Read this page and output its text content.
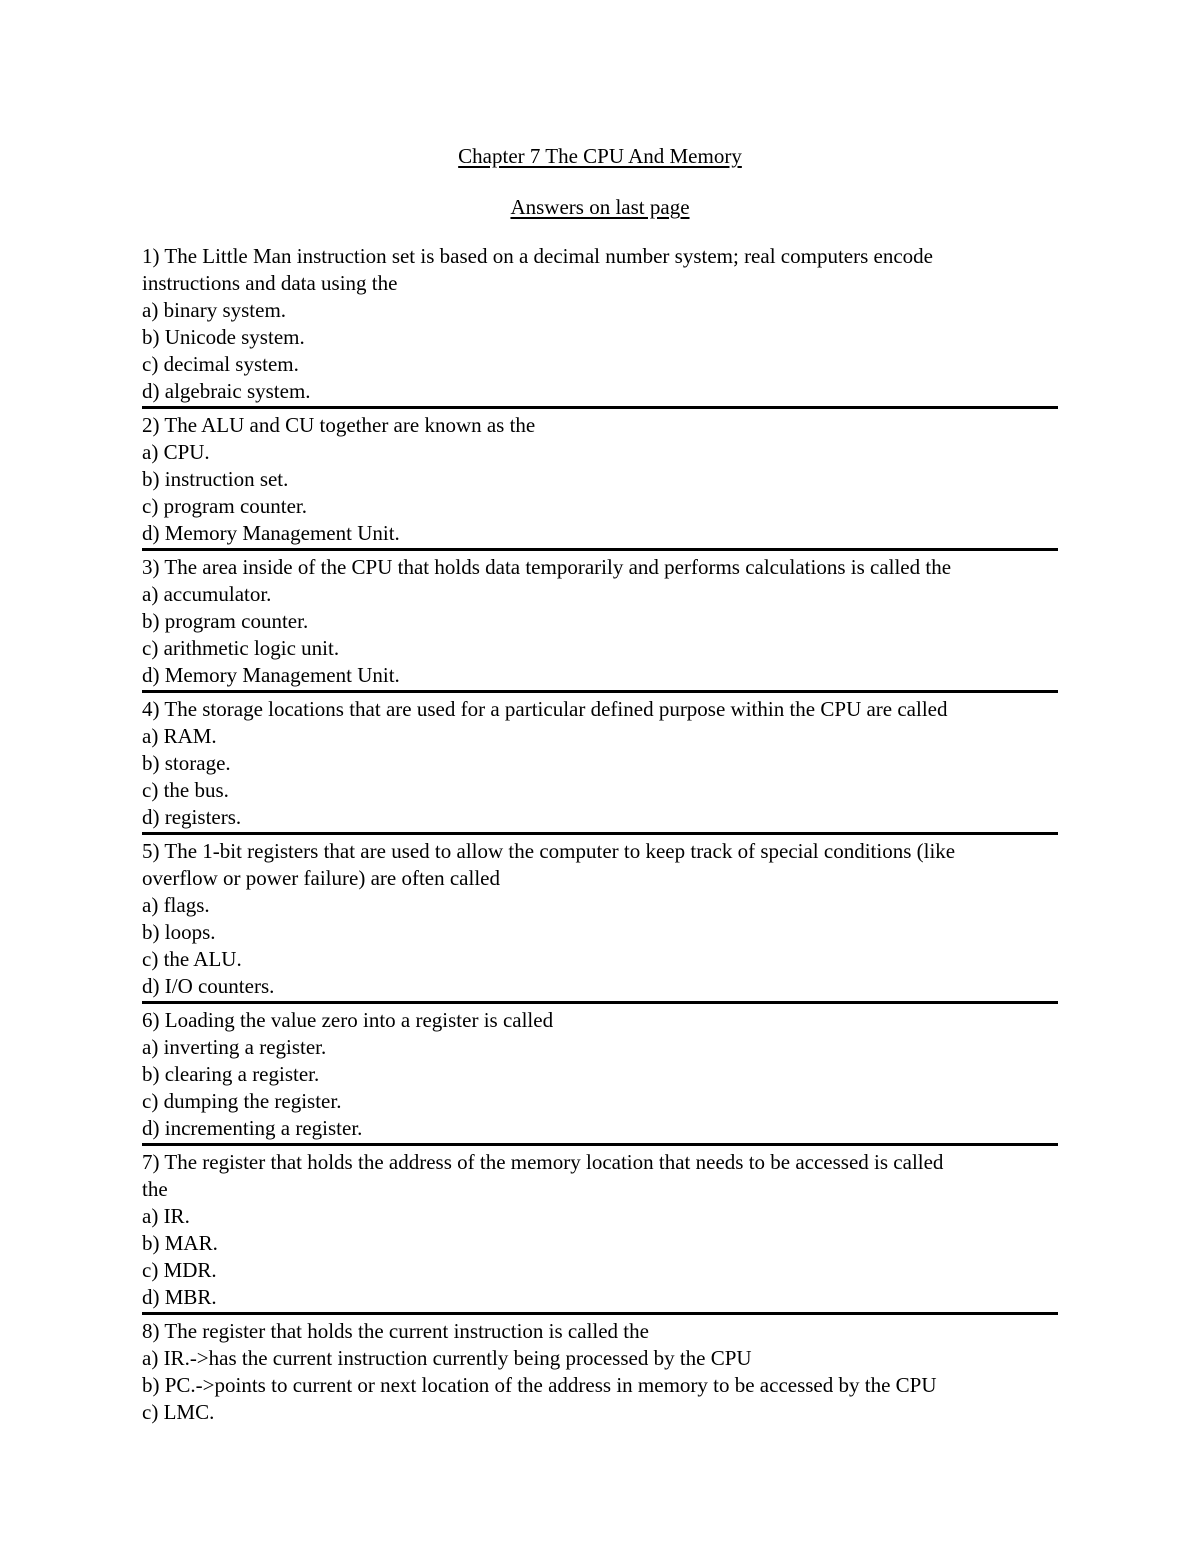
Chapter 7 The CPU And Memory
Answers on last page
1) The Little Man instruction set is based on a decimal number system; real computers encode
instructions and data using the
a) binary system.
b) Unicode system.
c) decimal system.
d) algebraic system.
2) The ALU and CU together are known as the
a) CPU.
b) instruction set.
c) program counter.
d) Memory Management Unit.
3) The area inside of the CPU that holds data temporarily and performs calculations is called the
a) accumulator.
b) program counter.
c) arithmetic logic unit.
d) Memory Management Unit.
4) The storage locations that are used for a particular defined purpose within the CPU are called
a) RAM.
b) storage.
c) the bus.
d) registers.
5) The 1-bit registers that are used to allow the computer to keep track of special conditions (like
overflow or power failure) are often called
a) flags.
b) loops.
c) the ALU.
d) I/O counters.
6) Loading the value zero into a register is called
a) inverting a register.
b) clearing a register.
c) dumping the register.
d) incrementing a register.
7) The register that holds the address of the memory location that needs to be accessed is called
the
a) IR.
b) MAR.
c) MDR.
d) MBR.
8) The register that holds the current instruction is called the
a) IR.->has the current instruction currently being processed by the CPU
b) PC.->points to current or next location of the address in memory to be accessed by the CPU
c) LMC.
